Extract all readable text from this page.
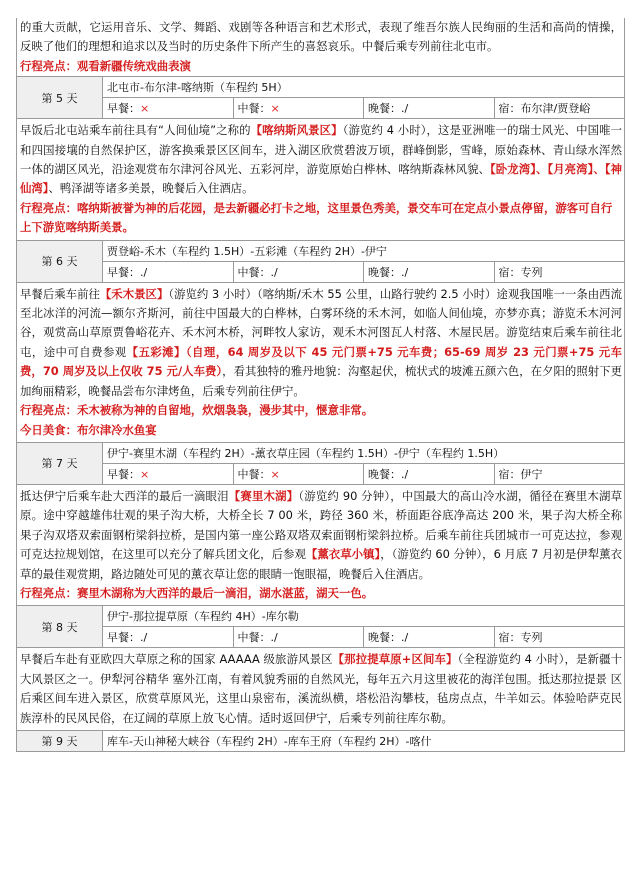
的重大贡献，它运用音乐、文学、舞蹈、戏剧等各种语言和艺术形式，表现了维吾尔族人民绚丽的生活和高尚的情操，反映了他们的理想和追求以及当时的历史条件下所产生的喜怒哀乐。中餐后乘专列前往北屯市。

行程亮点：观看新疆传统戏曲表演
第 5 天	北屯市-布尔津-喀纳斯（车程约 5H）			
	早餐：×	中餐：×	晚餐：./	宿：布尔津/贾登峪

早饭后北屯站乘车前往具有“人间仙境”之称的【喀纳斯风景区】（游览约 4 小时），这是亚洲唯一的瑞士风光、中国唯一和四国接壤的自然保护区，游客换乘景区区间车，进入湖区欣赏碧波万顷，群峰倒影，雪峰，原始森林、青山绿水浑然一体的湖区风光，沿途观赏布尔津河谷风光、五彩河岸，游览原始白桦林、喀纳斯森林风貌、【卧龙湾】、【月亮湾】、【神仙湾】、鸭泽湖等诸多美景，晚餐后入住酒店。

行程亮点：喀纳斯被誉为神的后花园，是去新疆必打卡之地，这里景色秀美，景交车可在定点小景点停留，游客可自行上下游览喀纳斯美景。
第 6 天	贾登峪-禾木（车程约 1.5H）-五彩滩（车程约 2H）-伊宁			
	早餐：./	中餐：./	晚餐：./	宿：专列

早餐后乘车前往【禾木景区】（游览约 3 小时）（喀纳斯/禾木 55 公里，山路行驶约 2.5 小时）途观我国唯一一条由西流至北冰洋的河流—额尔齐斯河，前往中国最大的白桦林，白雾环绕的禾木河，如临人间仙境，亦梦亦真；游览禾木河河谷，观赏高山草原贾鲁峪花卉、禾木河木桥，河畔牧人家访，观禾木河图瓦人村落、木屋民居。游览结束后乘车前往北屯，途中可自费参观【五彩滩】（自理，64 周岁及以下 45 元门票+75 元车费；65-69 周岁 23 元门票+75 元车费，70 周岁及以上仅收 75 元/人车费），看其独特的雅丹地貌：沟壑起伏，梳状式的坡滩五颜六色，在夕阳的照射下更加绚丽精彩，晚餐品尝布尔津烤鱼，后乘专列前往伊宁。

行程亮点：禾木被称为神的自留地，炊烟袅袅，漫步其中，惬意非常。
今日美食：布尔津冷水鱼宴
第 7 天	伊宁-赛里木湖（车程约 2H）-薰衣草庄园（车程约 1.5H）-伊宁（车程约 1.5H）			
	早餐：×	中餐：×	晚餐：./	宿：伊宁

抵达伊宁后乘车赴大西洋的最后一滴眼泪【赛里木湖】（游览约 90 分钟），中国最大的高山冷水湖，循径在赛里木湖草原。途中穿越雄伟壮观的果子沟大桥，大桥全长 7 00 米，跨径 360 米，桥面距谷底净高达 200 米，果子沟大桥全称果子沟双塔双索面钢桁梁斜拉桥，是国内第一座公路双塔双索面钢桁梁斜拉桥。后乘车前往兵团城市一可克达拉，参观可克达拉规划馆，在这里可以充分了解兵团文化，后参观【薰衣草小镇】，（游览约 60 分钟），6 月底 7 月初是伊犁薰衣草的最佳观赏期，路边随处可见的薰衣草让您的眼睛一饱眼福，晚餐后入住酒店。

行程亮点：赛里木湖称为大西洋的最后一滴泪，湖水湛蓝，湖天一色。
第 8 天	伊宁-那拉提草原（车程约 4H）-库尔勒			
	早餐：./	中餐：./	晚餐：./	宿：专列

早餐后车赴有亚欧四大草原之称的国家 AAAAA 级旅游风景区【那拉提草原+区间车】（全程游览约 4 小时），是新疆十大风景区之一。伊犁河谷精华 塞外江南，有着风貌秀丽的自然风光，每年五六月这里被花的海洋包围。抵达那拉提景 区后乘区间车进入景区，欣赏草原风光，这里山泉密布，溪流纵横，塔松沿沟攀枝，毡房点点，牛羊如云。体验哈萨克民族淳朴的民风民俗，在辽阔的草原上放飞心情。适时返回伊宁，后乘专列前往库尔勒。

第 9 天	库车-天山神秘大峡谷（车程约 2H）-库车王府（车程约 2H）-喀什
